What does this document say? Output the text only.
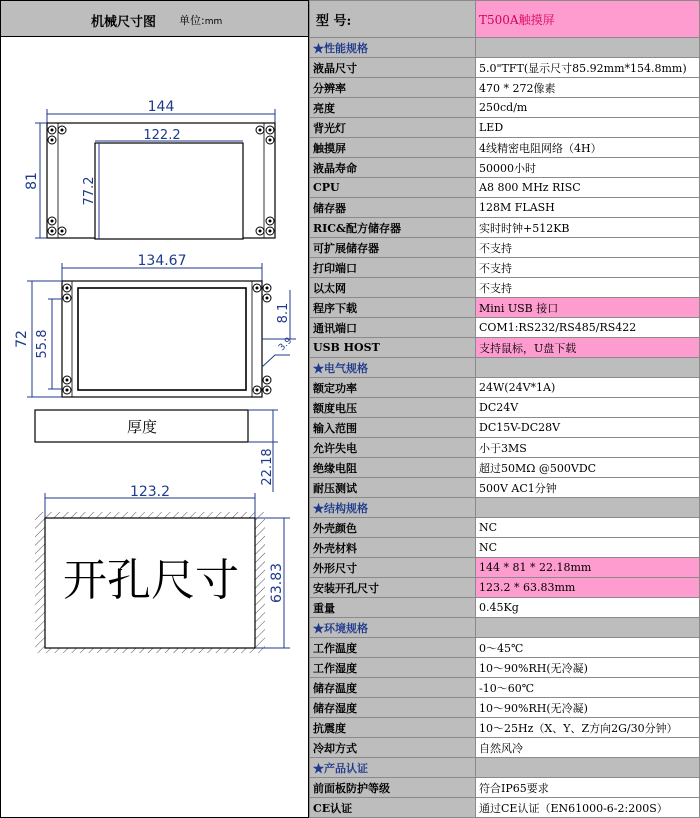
机械尺寸图 单位:mm
144
122.2
77.2
81
134.67
72 55.8
8.1
3.9
厚度
22.18
123.2
开孔尺寸 63.83
型 号:	T500A触摸屏
★性能规格	
液晶尺寸	5.0"TFT(显示尺寸85.92mm*154.8mm)
分辨率	470 * 272像素
亮度	250cd/m
背光灯	LED
触摸屏	4线精密电阻网络（4H）
液晶寿命	50000小时
CPU	A8 800 MHz RISC
储存器	128M FLASH
RIC&配方储存器	实时时钟+512KB
可扩展储存器	不支持
打印端口	不支持
以太网	不支持
程序下载	Mini USB 接口
通讯端口	COM1:RS232/RS485/RS422
USB HOST	支持鼠标，U盘下载
★电气规格	
额定功率	24W(24V*1A)
额度电压	DC24V
输入范围	DC15V-DC28V
允许失电	小于3MS
绝缘电阻	超过50MΩ @500VDC
耐压测试	500V AC1分钟
★结构规格	
外壳颜色	NC
外壳材料	NC
外形尺寸	144 * 81 * 22.18mm
安装开孔尺寸	123.2 * 63.83mm
重量	0.45Kg
★环境规格	
工作温度	0～45℃
工作湿度	10～90%RH(无冷凝)
储存温度	-10～60℃
储存湿度	10～90%RH(无冷凝)
抗震度	10～25Hz（X、Y、Z方向2G/30分钟）
冷却方式	自然风冷
★产品认证	
前面板防护等级	符合IP65要求
CE认证	通过CE认证（EN61000-6-2:200S）
